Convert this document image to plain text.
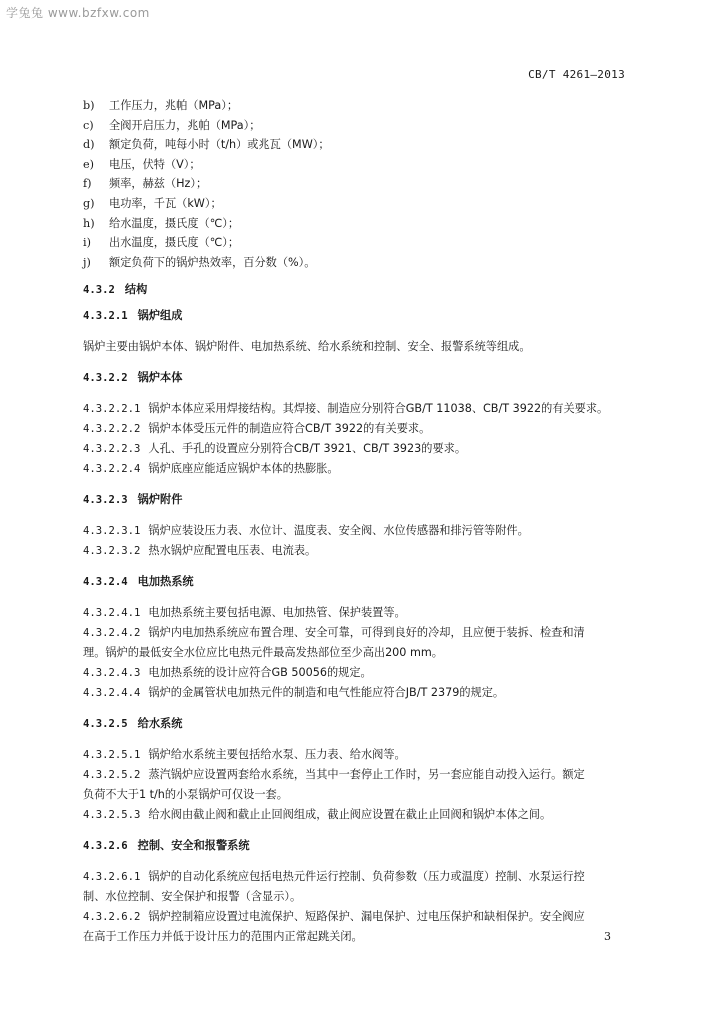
学兔兔 www.bzfxw.com
CB/T 4261—2013
b) 工作压力，兆帕（MPa）；
c) 全阀开启压力，兆帕（MPa）；
d) 额定负荷，吨每小时（t/h）或兆瓦（MW）；
e) 电压，伏特（V）；
f) 频率，赫兹（Hz）；
g) 电功率，千瓦（kW）；
h) 给水温度，摄氏度（℃）；
i) 出水温度，摄氏度（℃）；
j) 额定负荷下的锅炉热效率，百分数（%）。
4.3.2 结构
4.3.2.1 锅炉组成
锅炉主要由锅炉本体、锅炉附件、电加热系统、给水系统和控制、安全、报警系统等组成。
4.3.2.2 锅炉本体
4.3.2.2.1 锅炉本体应采用焊接结构。其焊接、制造应分别符合GB/T 11038、CB/T 3922的有关要求。
4.3.2.2.2 锅炉本体受压元件的制造应符合CB/T 3922的有关要求。
4.3.2.2.3 人孔、手孔的设置应分别符合CB/T 3921、CB/T 3923的要求。
4.3.2.2.4 锅炉底座应能适应锅炉本体的热膨胀。
4.3.2.3 锅炉附件
4.3.2.3.1 锅炉应装设压力表、水位计、温度表、安全阀、水位传感器和排污管等附件。
4.3.2.3.2 热水锅炉应配置电压表、电流表。
4.3.2.4 电加热系统
4.3.2.4.1 电加热系统主要包括电源、电加热管、保护装置等。
4.3.2.4.2 锅炉内电加热系统应布置合理、安全可靠，可得到良好的冷却，且应便于装拆、检查和清
理。锅炉的最低安全水位应比电热元件最高发热部位至少高出200 mm。
4.3.2.4.3 电加热系统的设计应符合GB 50056的规定。
4.3.2.4.4 锅炉的金属管状电加热元件的制造和电气性能应符合JB/T 2379的规定。
4.3.2.5 给水系统
4.3.2.5.1 锅炉给水系统主要包括给水泵、压力表、给水阀等。
4.3.2.5.2 蒸汽锅炉应设置两套给水系统，当其中一套停止工作时，另一套应能自动投入运行。额定
负荷不大于1 t/h的小泵锅炉可仅设一套。
4.3.2.5.3 给水阀由截止阀和截止止回阀组成，截止阀应设置在截止止回阀和锅炉本体之间。
4.3.2.6 控制、安全和报警系统
4.3.2.6.1 锅炉的自动化系统应包括电热元件运行控制、负荷参数（压力或温度）控制、水泵运行控
制、水位控制、安全保护和报警（含显示）。
4.3.2.6.2 锅炉控制箱应设置过电流保护、短路保护、漏电保护、过电压保护和缺相保护。安全阀应
在高于工作压力并低于设计压力的范围内正常起跳关闭。	3
